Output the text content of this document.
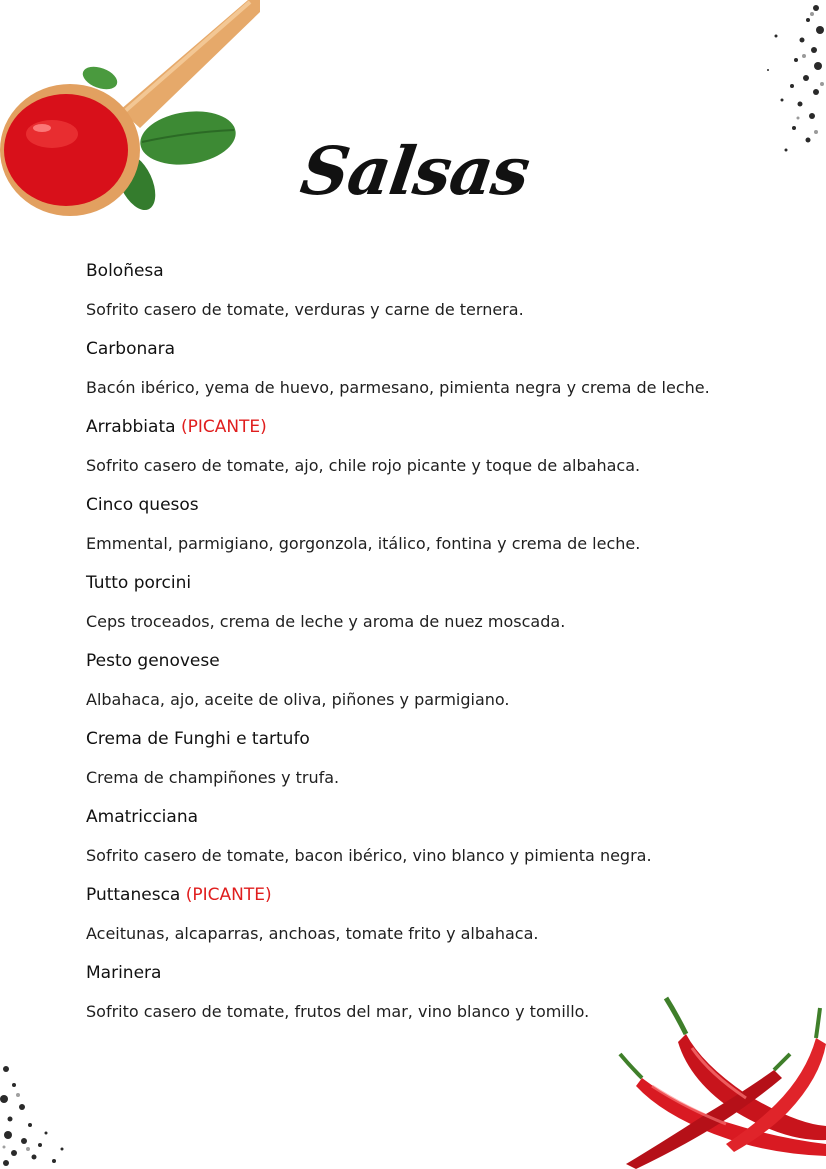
Salsas
Boloñesa
Sofrito casero de tomate, verduras y carne de ternera.
Carbonara
Bacón ibérico, yema de huevo, parmesano, pimienta negra y crema de leche.
Arrabbiata (PICANTE)
Sofrito casero de tomate, ajo, chile rojo picante y toque de albahaca.
Cinco quesos
Emmental, parmigiano, gorgonzola, itálico, fontina y crema de leche.
Tutto porcini
Ceps troceados, crema de leche y aroma de nuez moscada.
Pesto genovese
Albahaca, ajo, aceite de oliva, piñones y parmigiano.
Crema de Funghi e tartufo
Crema de champiñones y trufa.
Amatricciana
Sofrito casero de tomate, bacon ibérico, vino blanco y pimienta negra.
Puttanesca (PICANTE)
Aceitunas, alcaparras, anchoas, tomate frito y albahaca.
Marinera
Sofrito casero de tomate, frutos del mar, vino blanco y tomillo.
